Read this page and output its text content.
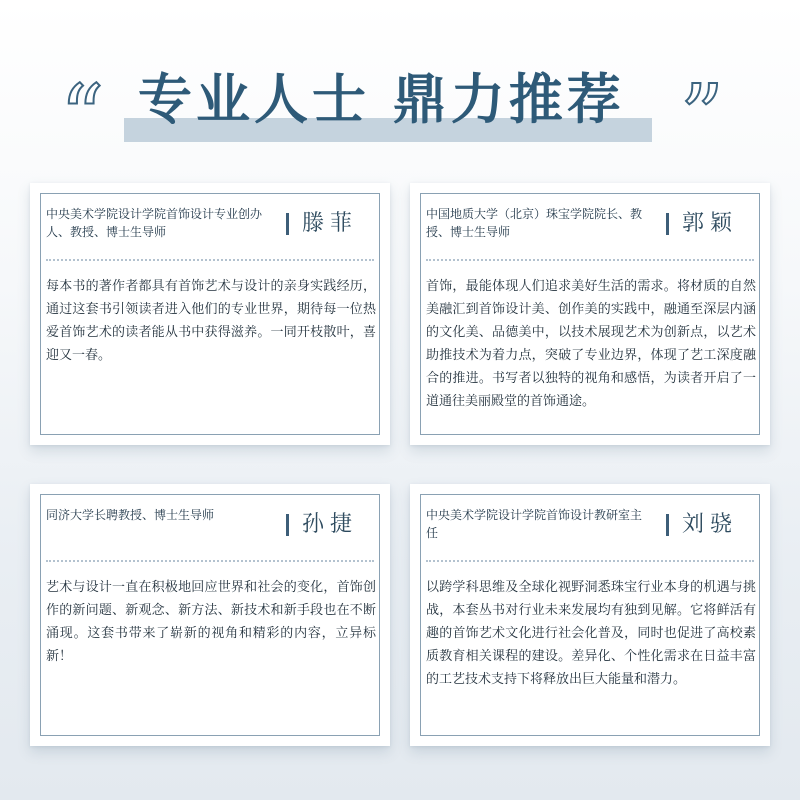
“ 专业人士 鼎力推荐 ”
中央美术学院设计学院首饰设计专业创办人、教授、博士生导师	滕菲
每本书的著作者都具有首饰艺术与设计的亲身实践经历，通过这套书引领读者进入他们的专业世界，期待每一位热爱首饰艺术的读者能从书中获得滋养。一同开枝散叶，喜迎又一春。
中国地质大学（北京）珠宝学院院长、教授、博士生导师	郭颖
首饰，最能体现人们追求美好生活的需求。将材质的自然美融汇到首饰设计美、创作美的实践中，融通至深层内涵的文化美、品德美中，以技术展现艺术为创新点，以艺术助推技术为着力点，突破了专业边界，体现了艺工深度融合的推进。书写者以独特的视角和感悟，为读者开启了一道通往美丽殿堂的首饰通途。
同济大学长聘教授、博士生导师	孙捷
艺术与设计一直在积极地回应世界和社会的变化，首饰创作的新问题、新观念、新方法、新技术和新手段也在不断涌现。这套书带来了崭新的视角和精彩的内容，立异标新！
中央美术学院设计学院首饰设计教研室主任	刘骁
以跨学科思维及全球化视野洞悉珠宝行业本身的机遇与挑战，本套丛书对行业未来发展均有独到见解。它将鲜活有趣的首饰艺术文化进行社会化普及，同时也促进了高校素质教育相关课程的建设。差异化、个性化需求在日益丰富的工艺技术支持下将释放出巨大能量和潜力。
